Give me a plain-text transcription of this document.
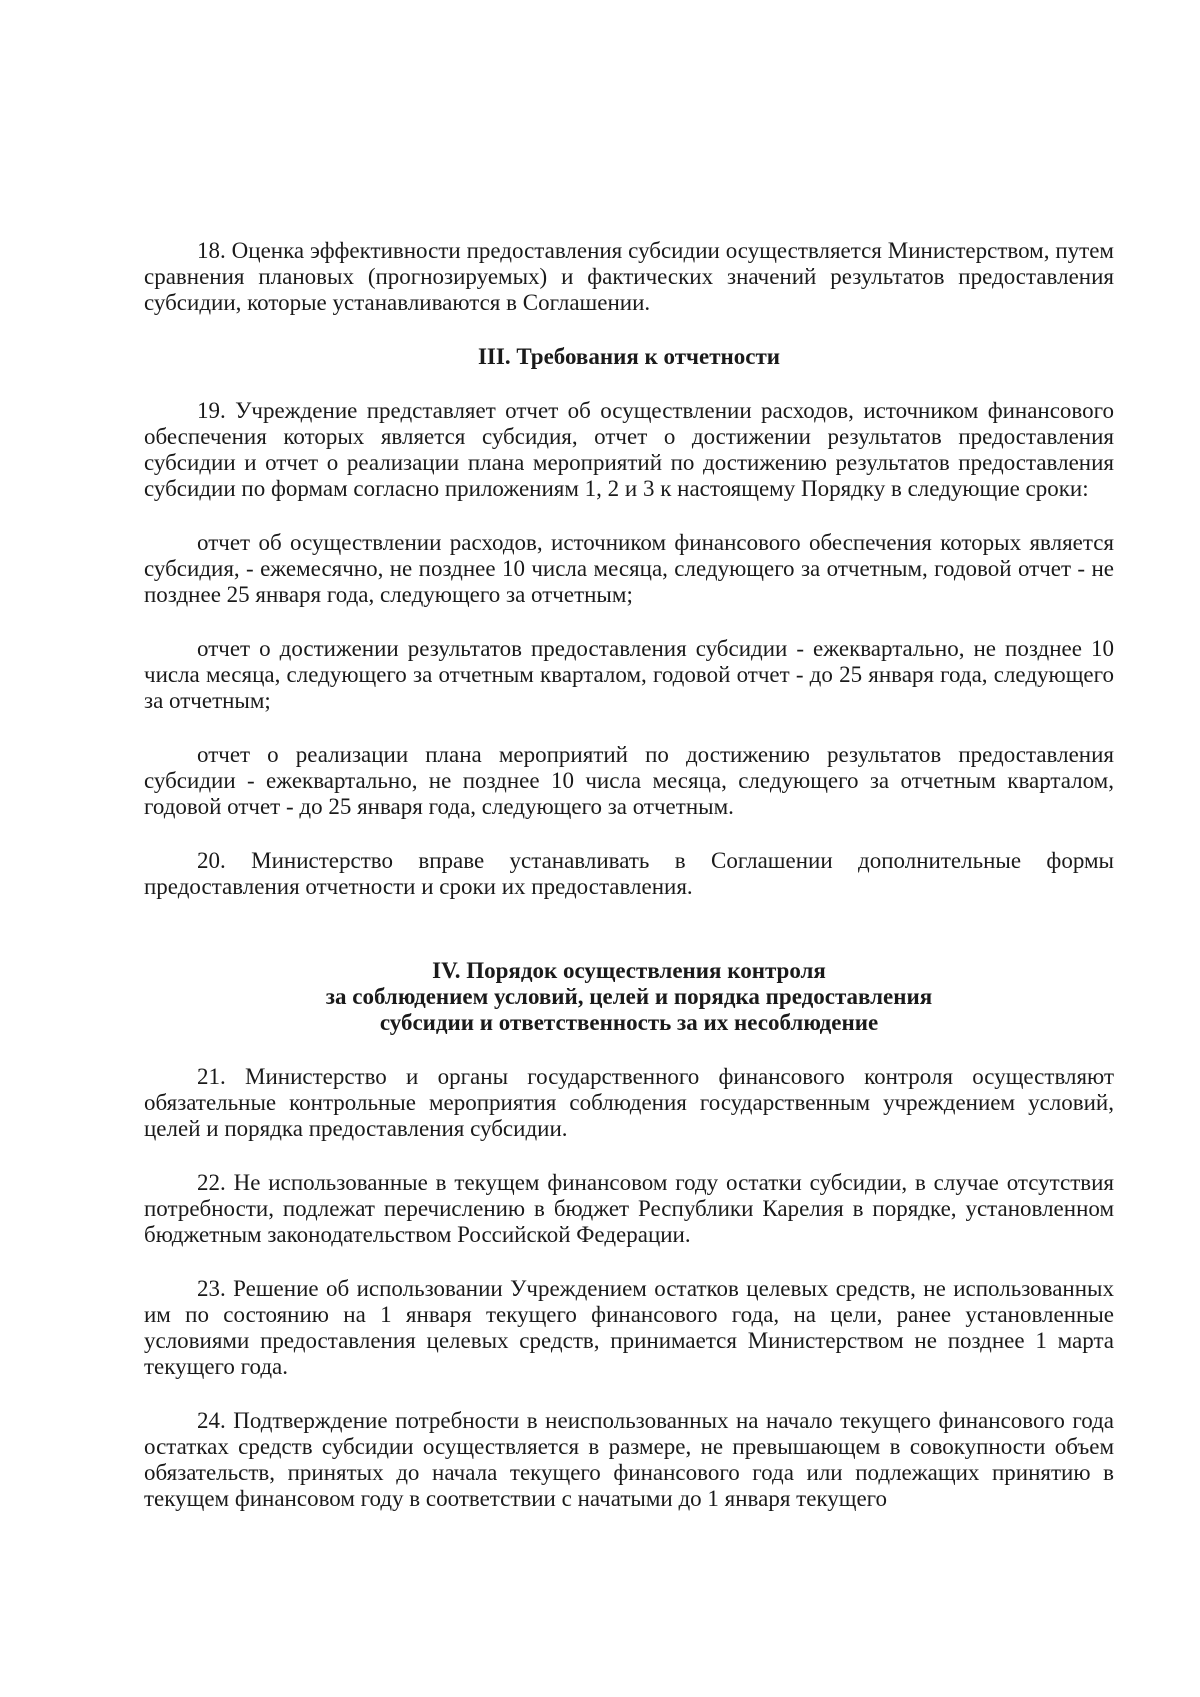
18. Оценка эффективности предоставления субсидии осуществляется Министерством, путем сравнения плановых (прогнозируемых) и фактических значений результатов предоставления субсидии, которые устанавливаются в Соглашении.

III. Требования к отчетности

19. Учреждение представляет отчет об осуществлении расходов, источником финансового обеспечения которых является субсидия, отчет о достижении результатов предоставления субсидии и отчет о реализации плана мероприятий по достижению результатов предоставления субсидии по формам согласно приложениям 1, 2 и 3 к настоящему Порядку в следующие сроки:

отчет об осуществлении расходов, источником финансового обеспечения которых является субсидия, - ежемесячно, не позднее 10 числа месяца, следующего за отчетным, годовой отчет - не позднее 25 января года, следующего за отчетным;

отчет о достижении результатов предоставления субсидии - ежеквартально, не позднее 10 числа месяца, следующего за отчетным кварталом, годовой отчет - до 25 января года, следующего за отчетным;

отчет о реализации плана мероприятий по достижению результатов предоставления субсидии - ежеквартально, не позднее 10 числа месяца, следующего за отчетным кварталом, годовой отчет - до 25 января года, следующего за отчетным.

20. Министерство вправе устанавливать в Соглашении дополнительные формы предоставления отчетности и сроки их предоставления.

IV. Порядок осуществления контроля
за соблюдением условий, целей и порядка предоставления
субсидии и ответственность за их несоблюдение

21. Министерство и органы государственного финансового контроля осуществляют обязательные контрольные мероприятия соблюдения государственным учреждением условий, целей и порядка предоставления субсидии.

22. Не использованные в текущем финансовом году остатки субсидии, в случае отсутствия потребности, подлежат перечислению в бюджет Республики Карелия в порядке, установленном бюджетным законодательством Российской Федерации.

23. Решение об использовании Учреждением остатков целевых средств, не использованных им по состоянию на 1 января текущего финансового года, на цели, ранее установленные условиями предоставления целевых средств, принимается Министерством не позднее 1 марта текущего года.

24. Подтверждение потребности в неиспользованных на начало текущего финансового года остатках средств субсидии осуществляется в размере, не превышающем в совокупности объем обязательств, принятых до начала текущего финансового года или подлежащих принятию в текущем финансовом году в соответствии с начатыми до 1 января текущего
